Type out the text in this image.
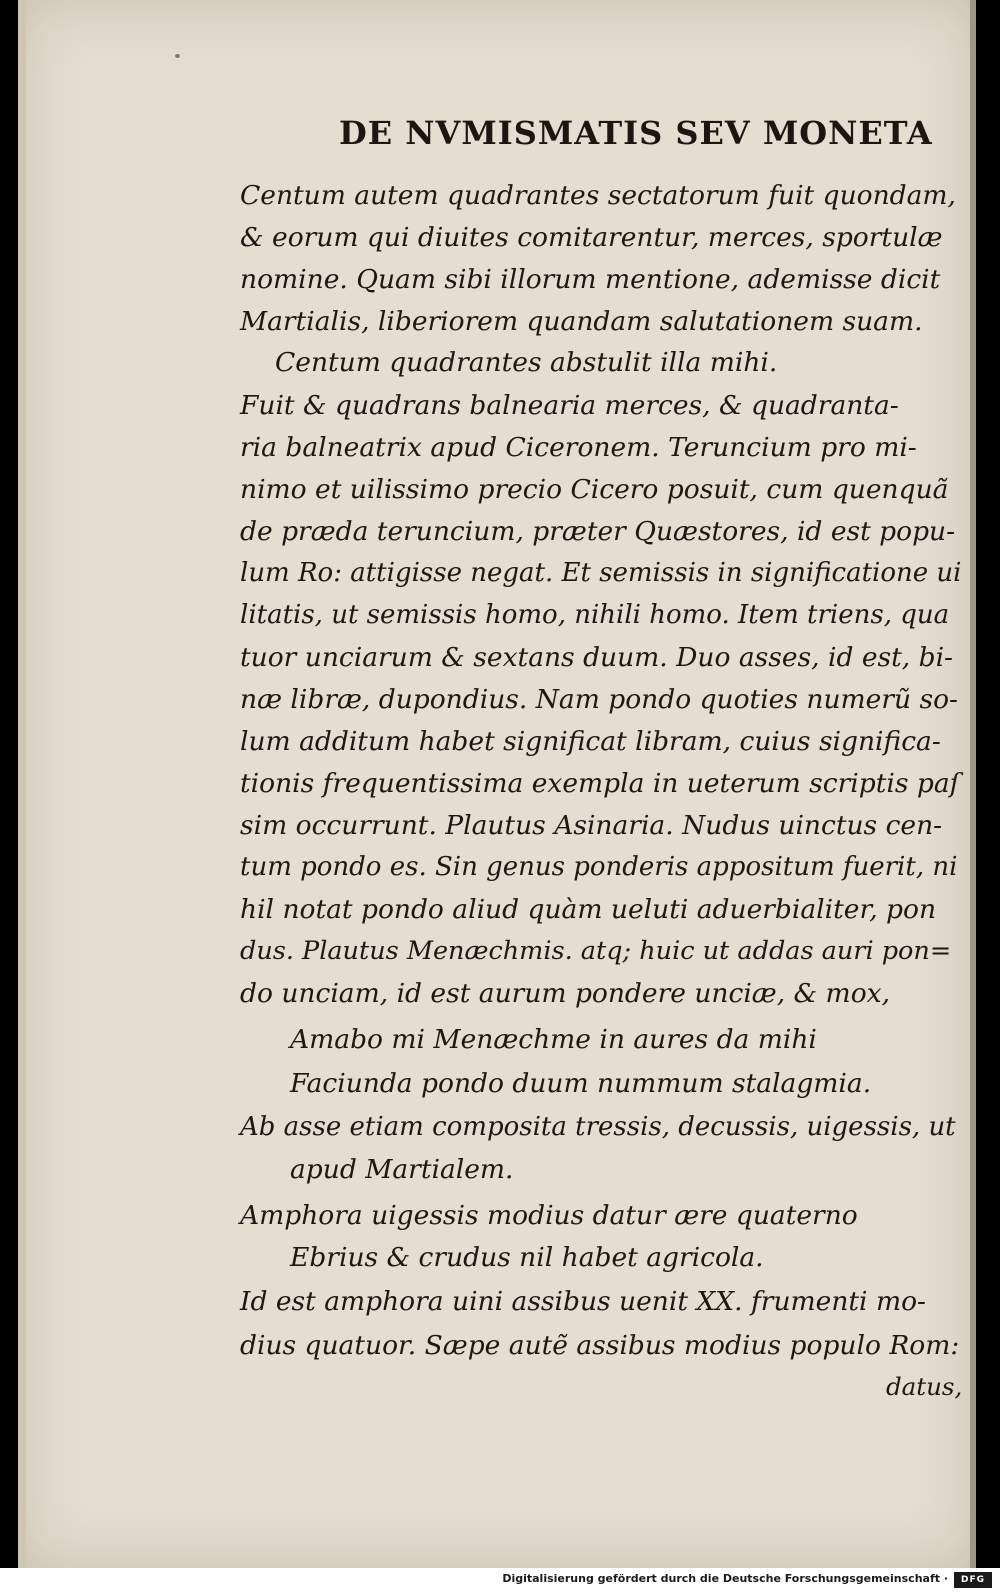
DE NVMISMATIS SEV MONETA

Centum autem quadrantes sectatorum fuit quondam,

& eorum qui diuites comitarentur, merces, sportulæ

nomine. Quam sibi illorum mentione, ademisse dicit

Martialis, liberiorem quandam salutationem suam.

Centum quadrantes abstulit illa mihi.

Fuit & quadrans balnearia merces, & quadranta-

ria balneatrix apud Ciceronem. Teruncium pro mi-

nimo et uilissimo precio Cicero posuit, cum quenquã

de præda teruncium, præter Quæstores, id est popu-

lum Ro: attigisse negat. Et semissis in significatione ui

litatis, ut semissis homo, nihili homo. Item triens, qua

tuor unciarum & sextans duum. Duo asses, id est, bi-

næ libræ, dupondius. Nam pondo quoties numerũ so-

lum additum habet significat libram, cuius significa-

tionis frequentissima exempla in ueterum scriptis paſ

sim occurrunt. Plautus Asinaria. Nudus uinctus cen-

tum pondo es. Sin genus ponderis appositum fuerit, ni

hil notat pondo aliud quàm ueluti aduerbialiter, pon

dus. Plautus Menæchmis. atq; huic ut addas auri pon=

do unciam, id est aurum pondere unciæ, & mox,

Amabo mi Menæchme in aures da mihi

Faciunda pondo duum nummum stalagmia.

Ab asse etiam composita tressis, decussis, uigessis, ut

apud Martialem.

Amphora uigessis modius datur ære quaterno

Ebrius & crudus nil habet agricola.

Id est amphora uini assibus uenit XX. frumenti mo-

dius quatuor. Sæpe autẽ assibus modius populo Rom:

datus,

Digitalisierung gefördert durch die Deutsche Forschungsgemeinschaft ·	DFG
